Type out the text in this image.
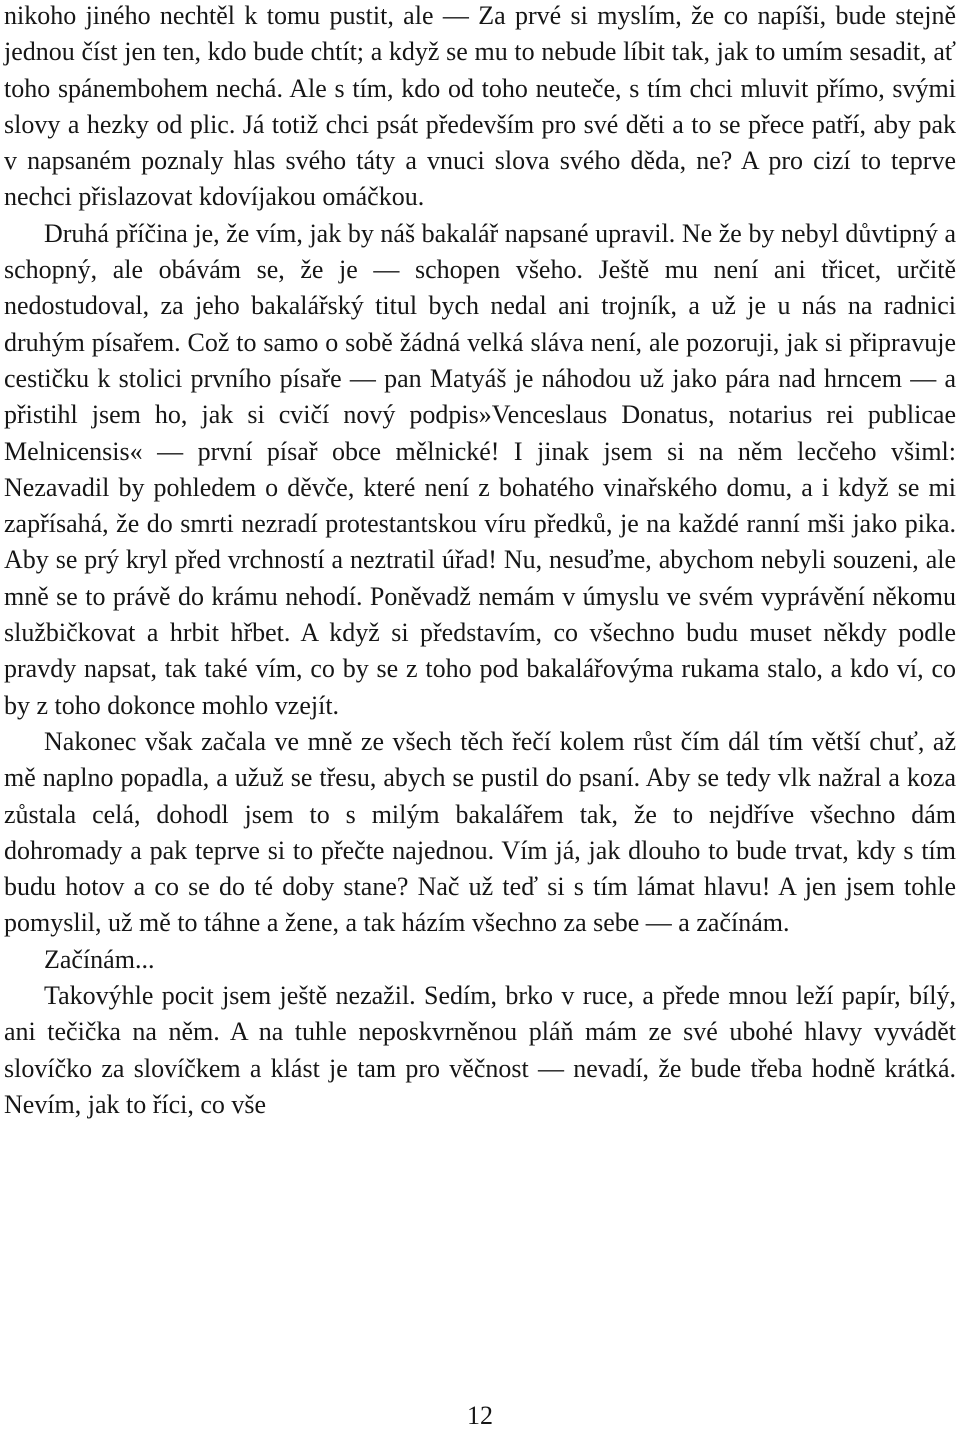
nikoho jiného nechtěl k tomu pustit, ale — Za prvé si myslím, že co napíši, bude stejně jednou číst jen ten, kdo bude chtít; a když se mu to nebude líbit tak, jak to umím sesadit, ať toho spánembohem nechá. Ale s tím, kdo od toho neuteče, s tím chci mluvit přímo, svými slovy a hezky od plic. Já totiž chci psát především pro své děti a to se přece patří, aby pak v napsaném poznaly hlas svého táty a vnuci slova svého děda, ne? A pro cizí to teprve nechci přislazovat kdovíjakou omáčkou.

Druhá příčina je, že vím, jak by náš bakalář napsané upravil. Ne že by nebyl důvtipný a schopný, ale obávám se, že je — schopen všeho. Ještě mu není ani třicet, určitě nedostudoval, za jeho bakalářský titul bych nedal ani trojník, a už je u nás na radnici druhým písařem. Což to samo o sobě žádná velká sláva není, ale pozoruji, jak si připravuje cestičku k stolici prvního písaře — pan Matyáš je náhodou už jako pára nad hrncem — a přistihl jsem ho, jak si cvičí nový podpis»Venceslaus Donatus, notarius rei publicae Melnicensis« — první písař obce mělnické! I jinak jsem si na něm lecčeho všiml: Nezavadil by pohledem o děvče, které není z bohatého vinařského domu, a i když se mi zapřísahá, že do smrti nezradí protestantskou víru předků, je na každé ranní mši jako pika. Aby se prý kryl před vrchností a neztratil úřad! Nu, nesuďme, abychom nebyli souzeni, ale mně se to právě do krámu nehodí. Poněvadž nemám v úmyslu ve svém vyprávění někomu službičkovat a hrbit hřbet. A když si představím, co všechno budu muset někdy podle pravdy napsat, tak také vím, co by se z toho pod bakalářovýma rukama stalo, a kdo ví, co by z toho dokonce mohlo vzejít.

Nakonec však začala ve mně ze všech těch řečí kolem růst čím dál tím větší chuť, až mě naplno popadla, a užuž se třesu, abych se pustil do psaní. Aby se tedy vlk nažral a koza zůstala celá, dohodl jsem to s milým bakalářem tak, že to nejdříve všechno dám dohromady a pak teprve si to přečte najednou. Vím já, jak dlouho to bude trvat, kdy s tím budu hotov a co se do té doby stane? Nač už teď si s tím lámat hlavu! A jen jsem tohle pomyslil, už mě to táhne a žene, a tak házím všechno za sebe — a začínám.

Začínám...

Takovýhle pocit jsem ještě nezažil. Sedím, brko v ruce, a přede mnou leží papír, bílý, ani tečička na něm. A na tuhle neposkvrněnou pláň mám ze své ubohé hlavy vyvádět slovíčko za slovíčkem a klást je tam pro věčnost — nevadí, že bude třeba hodně krátká. Nevím, jak to říci, co vše

12
